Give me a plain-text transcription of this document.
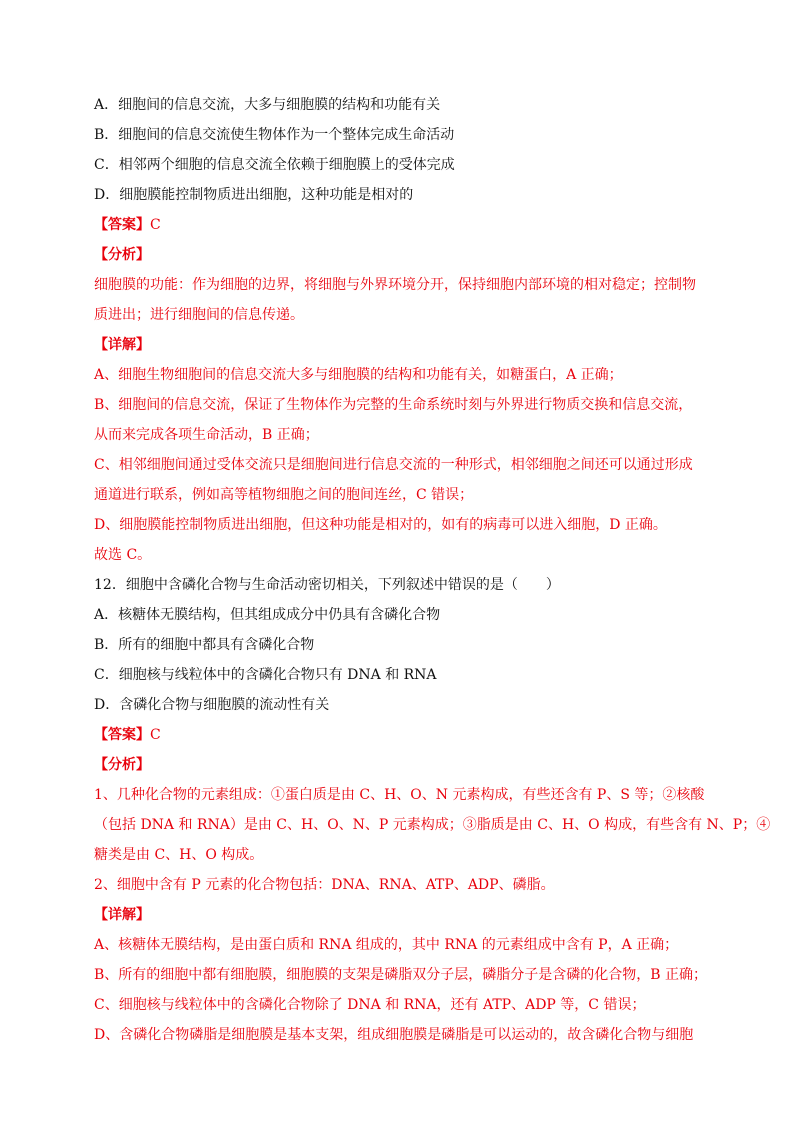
A．细胞间的信息交流，大多与细胞膜的结构和功能有关
B．细胞间的信息交流使生物体作为一个整体完成生命活动
C．相邻两个细胞的信息交流全依赖于细胞膜上的受体完成
D．细胞膜能控制物质进出细胞，这种功能是相对的
【答案】C
【分析】
细胞膜的功能：作为细胞的边界，将细胞与外界环境分开，保持细胞内部环境的相对稳定；控制物
质进出；进行细胞间的信息传递。
【详解】
A、细胞生物细胞间的信息交流大多与细胞膜的结构和功能有关，如糖蛋白，A 正确；
B、细胞间的信息交流，保证了生物体作为完整的生命系统时刻与外界进行物质交换和信息交流，
从而来完成各项生命活动，B 正确；
C、相邻细胞间通过受体交流只是细胞间进行信息交流的一种形式，相邻细胞之间还可以通过形成
通道进行联系，例如高等植物细胞之间的胞间连丝，C 错误；
D、细胞膜能控制物质进出细胞，但这种功能是相对的，如有的病毒可以进入细胞，D 正确。
故选 C。
12．细胞中含磷化合物与生命活动密切相关，下列叙述中错误的是（　　）
A．核糖体无膜结构，但其组成成分中仍具有含磷化合物
B．所有的细胞中都具有含磷化合物
C．细胞核与线粒体中的含磷化合物只有 DNA 和 RNA
D．含磷化合物与细胞膜的流动性有关
【答案】C
【分析】
1、几种化合物的元素组成：①蛋白质是由 C、H、O、N 元素构成，有些还含有 P、S 等；②核酸
（包括 DNA 和 RNA）是由 C、H、O、N、P 元素构成；③脂质是由 C、H、O 构成，有些含有 N、P；④
糖类是由 C、H、O 构成。
2、细胞中含有 P 元素的化合物包括：DNA、RNA、ATP、ADP、磷脂。
【详解】
A、核糖体无膜结构，是由蛋白质和 RNA 组成的，其中 RNA 的元素组成中含有 P，A 正确；
B、所有的细胞中都有细胞膜，细胞膜的支架是磷脂双分子层，磷脂分子是含磷的化合物，B 正确；
C、细胞核与线粒体中的含磷化合物除了 DNA 和 RNA，还有 ATP、ADP 等，C 错误；
D、含磷化合物磷脂是细胞膜是基本支架，组成细胞膜是磷脂是可以运动的，故含磷化合物与细胞
